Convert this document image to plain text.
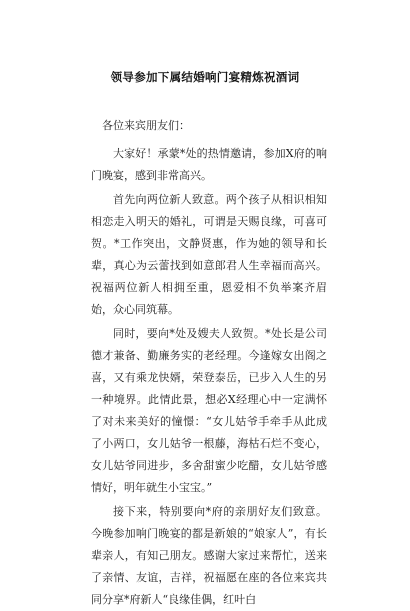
领导参加下属结婚响门宴精炼祝酒词

各位来宾朋友们：

大家好！承蒙*处的热情邀请，参加X府的响门晚宴，感到非常高兴。

首先向两位新人致意。两个孩子从相识相知相恋走入明天的婚礼，可谓是天赐良缘，可喜可贺。*工作突出，文静贤惠，作为她的领导和长辈，真心为云蕾找到如意郎君人生幸福而高兴。祝福两位新人相拥至重，恩爱相不负举案齐眉始，众心同筑幕。

同时，要向*处及嫂夫人致贺。*处长是公司德才兼备、勤廉务实的老经理。今逢嫁女出阁之喜，又有乘龙快婿，荣登泰岳，已步入人生的另一种境界。此情此景，想必X经理心中一定满怀了对未来美好的憧憬：“女儿姑爷手牵手从此成了小两口，女儿姑爷一根藤，海枯石烂不变心，女儿姑爷同进步，多舍甜蜜少吃醋，女儿姑爷感情好，明年就生小宝宝。”

接下来，特别要向*府的亲朋好友们致意。今晚参加响门晚宴的都是新娘的“娘家人”，有长辈亲人，有知己朋友。感谢大家过来帮忙，送来了亲情、友谊，吉祥，祝福愿在座的各位来宾共同分享*府新人“良缘佳偶，红叶白
